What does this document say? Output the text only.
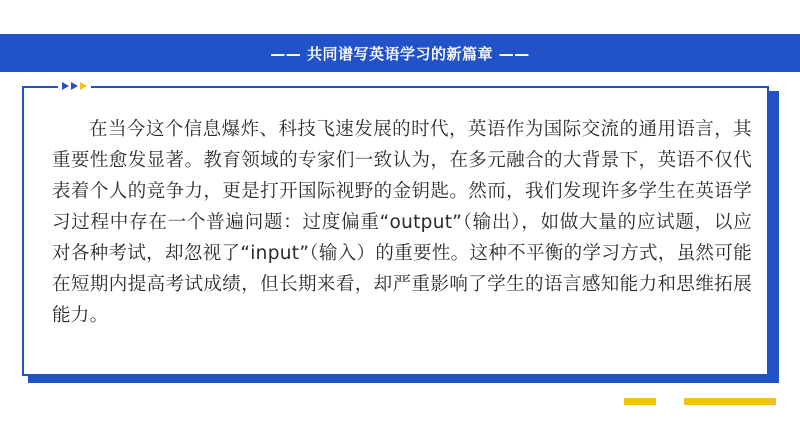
—— 共同谱写英语学习的新篇章 ——

在当今这个信息爆炸、科技飞速发展的时代，英语作为国际交流的通用语言，其重要性愈发显著。教育领域的专家们一致认为，在多元融合的大背景下，英语不仅代表着个人的竞争力，更是打开国际视野的金钥匙。然而，我们发现许多学生在英语学习过程中存在一个普遍问题：过度偏重“output”（输出），如做大量的应试题，以应对各种考试，却忽视了“input”（输入）的重要性。这种不平衡的学习方式，虽然可能在短期内提高考试成绩，但长期来看，却严重影响了学生的语言感知能力和思维拓展能力。
